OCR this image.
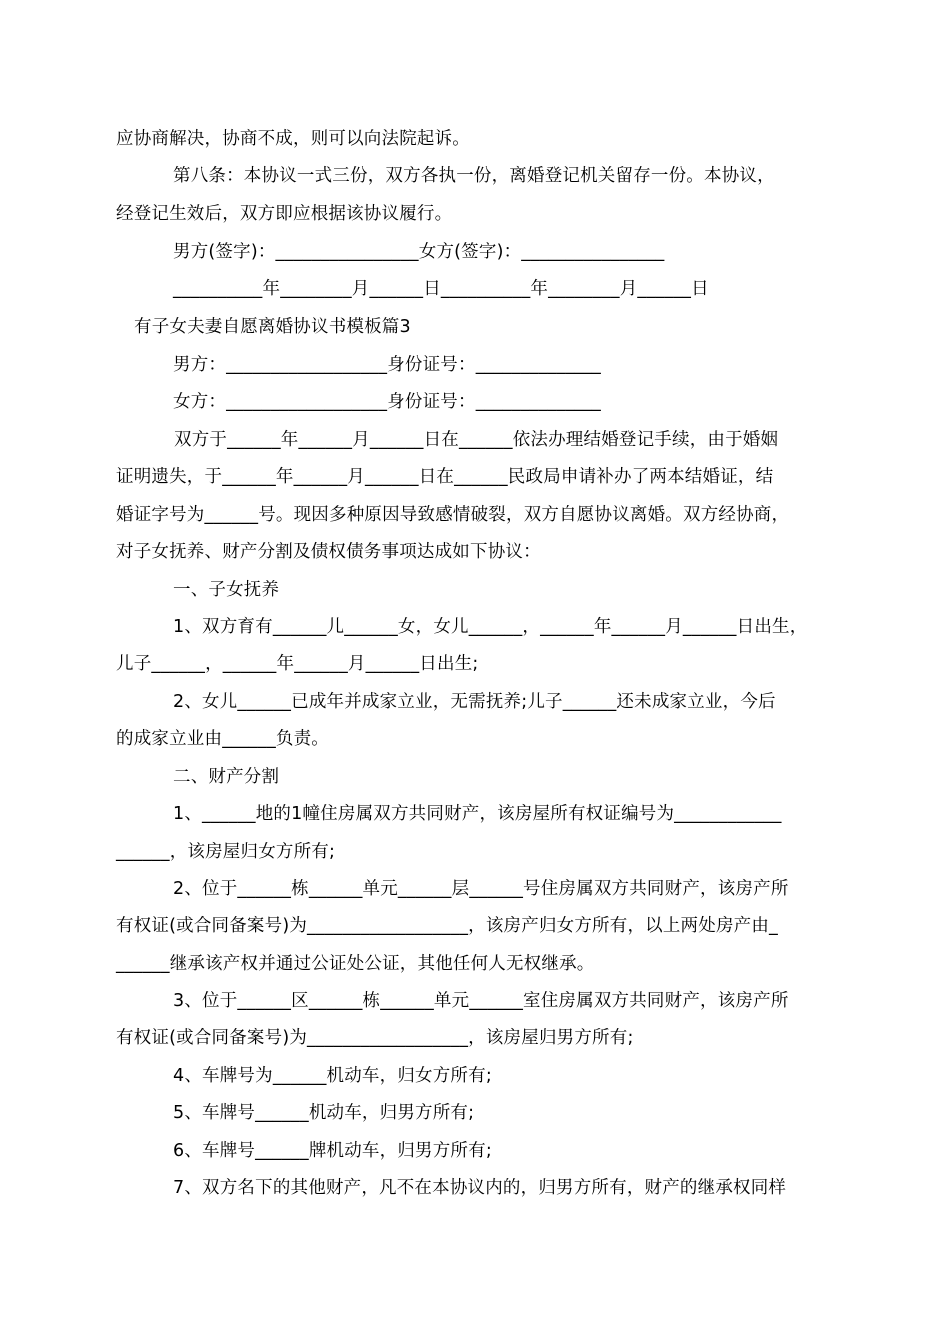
应协商解决，协商不成，则可以向法院起诉。
第八条：本协议一式三份，双方各执一份，离婚登记机关留存一份。本协议，
经登记生效后，双方即应根据该协议履行。
男方(签字)：________________女方(签字)：________________
__________年________月______日__________年________月______日
有子女夫妻自愿离婚协议书模板篇3
男方：__________________身份证号：______________
女方：__________________身份证号：______________
双方于______年______月______日在______依法办理结婚登记手续，由于婚姻
证明遗失，于______年______月______日在______民政局申请补办了两本结婚证，结
婚证字号为______号。现因多种原因导致感情破裂，双方自愿协议离婚。双方经协商，
对子女抚养、财产分割及债权债务事项达成如下协议：
一、子女抚养
1、双方育有______儿______女，女儿______，______年______月______日出生，
儿子______，______年______月______日出生;
2、女儿______已成年并成家立业，无需抚养;儿子______还未成家立业，今后
的成家立业由______负责。
二、财产分割
1、______地的1幢住房属双方共同财产，该房屋所有权证编号为____________
______，该房屋归女方所有;
2、位于______栋______单元______层______号住房属双方共同财产，该房产所
有权证(或合同备案号)为__________________，该房产归女方所有，以上两处房产由_
______继承该产权并通过公证处公证，其他任何人无权继承。
3、位于______区______栋______单元______室住房属双方共同财产，该房产所
有权证(或合同备案号)为__________________，该房屋归男方所有;
4、车牌号为______机动车，归女方所有;
5、车牌号______机动车，归男方所有;
6、车牌号______牌机动车，归男方所有;
7、双方名下的其他财产，凡不在本协议内的，归男方所有，财产的继承权同样
